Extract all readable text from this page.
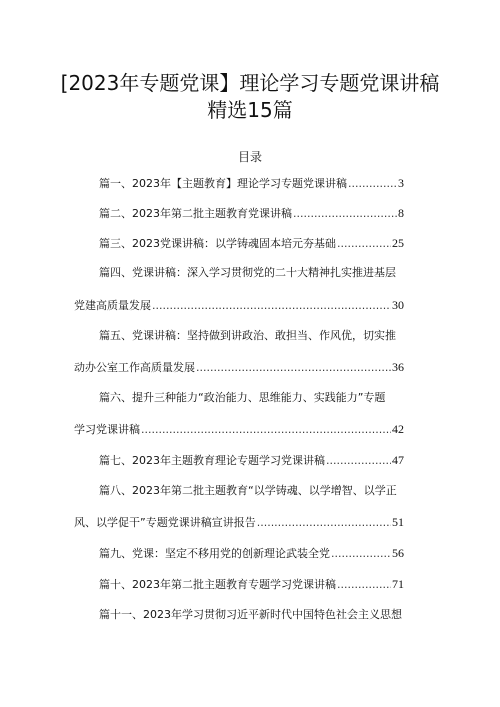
[2023年专题党课】理论学习专题党课讲稿
精选15篇
目录
篇一、2023年【主题教育】理论学习专题党课讲稿 .....	3
篇二、2023年第二批主题教育党课讲稿 .....	8
篇三、2023党课讲稿：以学铸魂固本培元夯基础 .....	25
篇四、党课讲稿：深入学习贯彻党的二十大精神扎实推进基层
党建高质量发展 .....	30
篇五、党课讲稿：坚持做到讲政治、敢担当、作风优，切实推
动办公室工作高质量发展 .....	36
篇六、提升三种能力“政治能力、思维能力、实践能力”专题
学习党课讲稿 .....	42
篇七、2023年主题教育理论专题学习党课讲稿 .....	47
篇八、2023年第二批主题教育“以学铸魂、以学增智、以学正
风、以学促干”专题党课讲稿宣讲报告 .....	51
篇九、党课：坚定不移用党的创新理论武装全党 .....	56
篇十、2023年第二批主题教育专题学习党课讲稿 .....	71
篇十一、2023年学习贯彻习近平新时代中国特色社会主义思想
